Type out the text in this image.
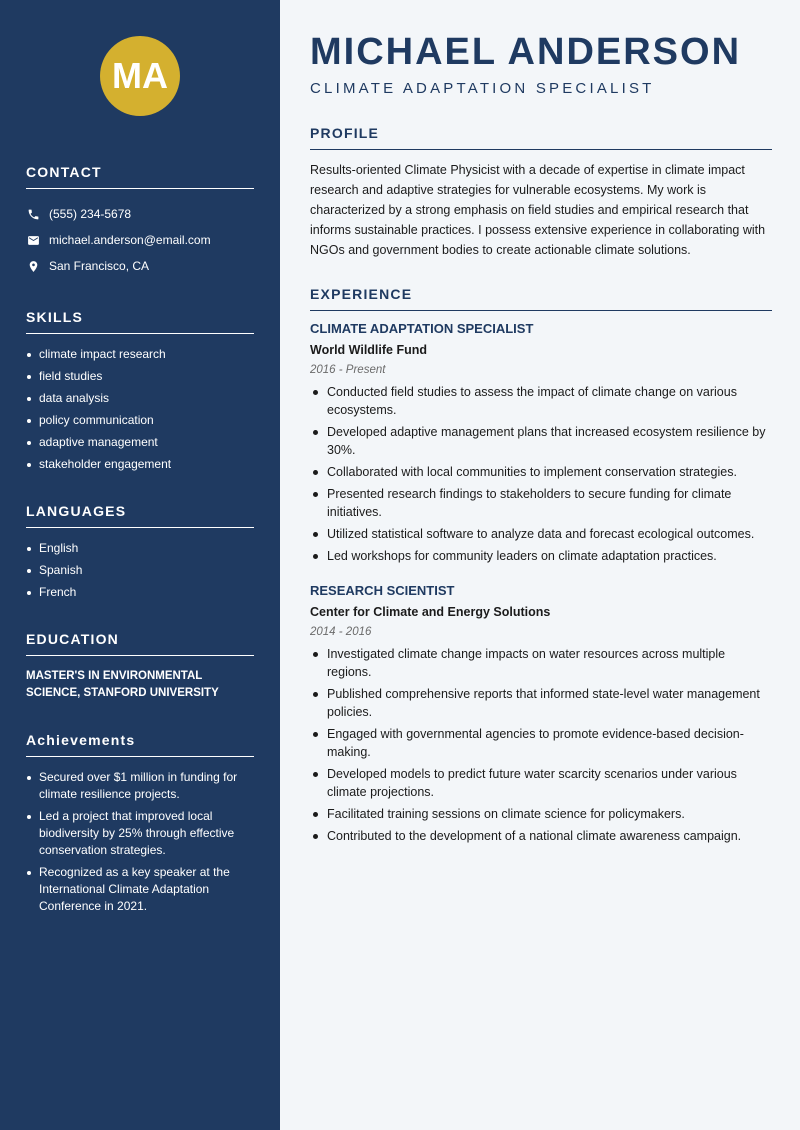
MA
CONTACT
(555) 234-5678
michael.anderson@email.com
San Francisco, CA
SKILLS
climate impact research
field studies
data analysis
policy communication
adaptive management
stakeholder engagement
LANGUAGES
English
Spanish
French
EDUCATION
MASTER'S IN ENVIRONMENTAL
SCIENCE, STANFORD UNIVERSITY
Achievements
Secured over $1 million in funding for climate resilience projects.
Led a project that improved local biodiversity by 25% through effective conservation strategies.
Recognized as a key speaker at the International Climate Adaptation Conference in 2021.
MICHAEL ANDERSON
CLIMATE ADAPTATION SPECIALIST
PROFILE

Results-oriented Climate Physicist with a decade of expertise in climate impact research and adaptive strategies for vulnerable ecosystems. My work is characterized by a strong emphasis on field studies and empirical research that informs sustainable practices. I possess extensive experience in collaborating with NGOs and government bodies to create actionable climate solutions.

EXPERIENCE
CLIMATE ADAPTATION SPECIALIST
World Wildlife Fund
2016 - Present
Conducted field studies to assess the impact of climate change on various ecosystems.
Developed adaptive management plans that increased ecosystem resilience by 30%.
Collaborated with local communities to implement conservation strategies.
Presented research findings to stakeholders to secure funding for climate initiatives.
Utilized statistical software to analyze data and forecast ecological outcomes.
Led workshops for community leaders on climate adaptation practices.
RESEARCH SCIENTIST
Center for Climate and Energy Solutions
2014 - 2016
Investigated climate change impacts on water resources across multiple regions.
Published comprehensive reports that informed state-level water management policies.
Engaged with governmental agencies to promote evidence-based decision-making.
Developed models to predict future water scarcity scenarios under various climate projections.
Facilitated training sessions on climate science for policymakers.
Contributed to the development of a national climate awareness campaign.
